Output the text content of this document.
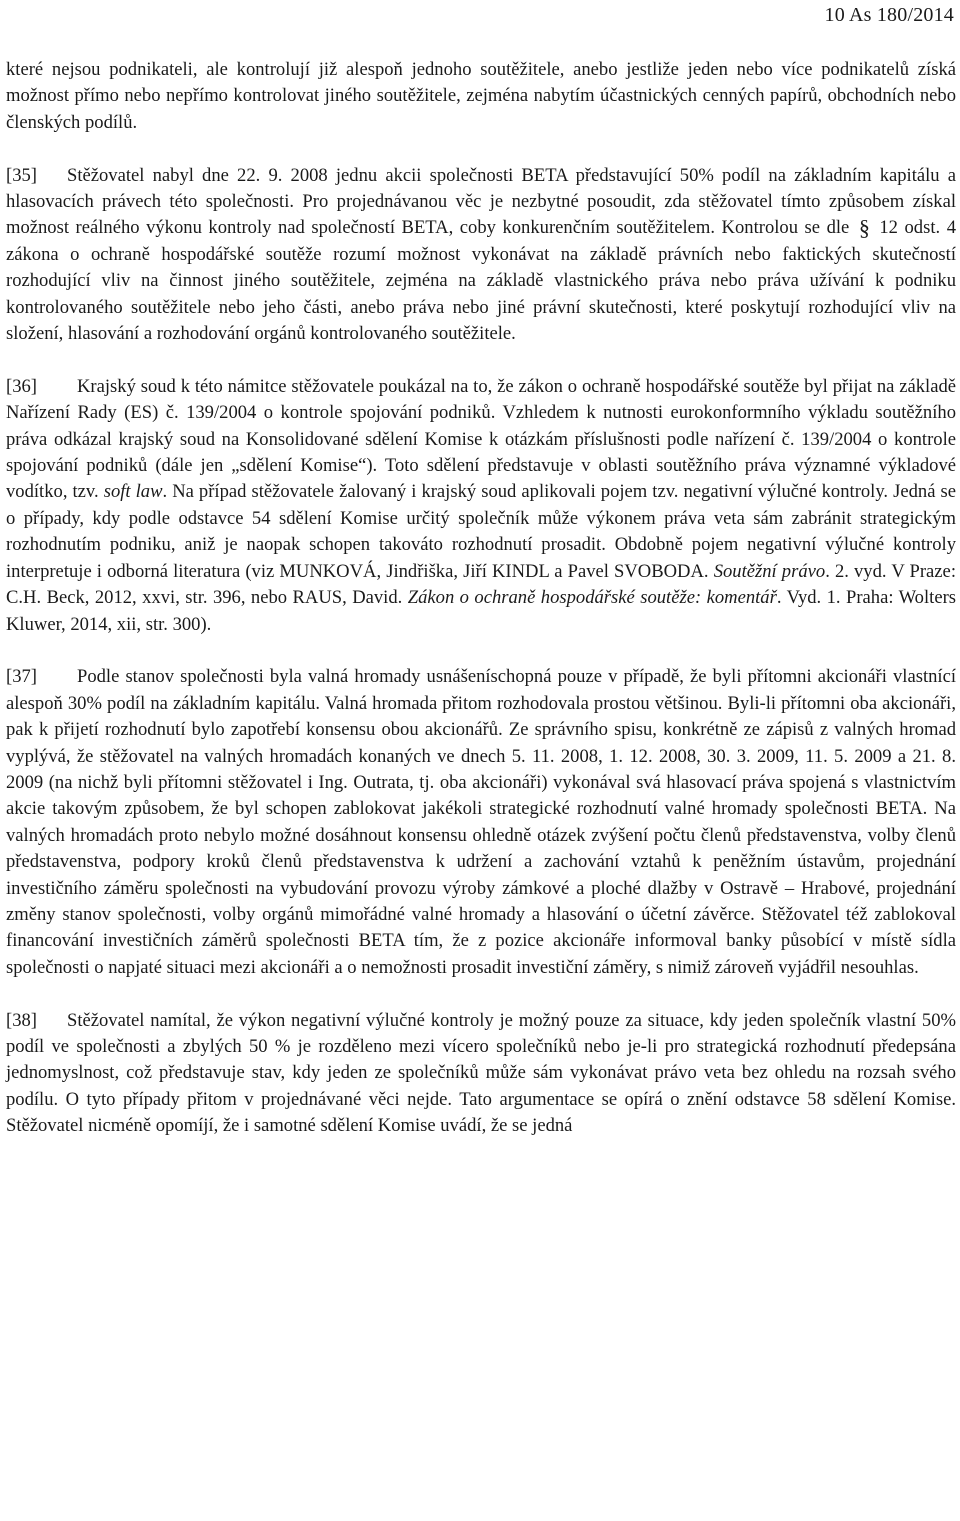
10 As 180/2014

které nejsou podnikateli, ale kontrolují již alespoň jednoho soutěžitele, anebo jestliže jeden nebo více podnikatelů získá možnost přímo nebo nepřímo kontrolovat jiného soutěžitele, zejména nabytím účastnických cenných papírů, obchodních nebo členských podílů.

[35] Stěžovatel nabyl dne 22. 9. 2008 jednu akcii společnosti BETA představující 50% podíl na základním kapitálu a hlasovacích právech této společnosti. Pro projednávanou věc je nezbytné posoudit, zda stěžovatel tímto způsobem získal možnost reálného výkonu kontroly nad společností BETA, coby konkurenčním soutěžitelem. Kontrolou se dle § 12 odst. 4 zákona o ochraně hospodářské soutěže rozumí možnost vykonávat na základě právních nebo faktických skutečností rozhodující vliv na činnost jiného soutěžitele, zejména na základě vlastnického práva nebo práva užívání k podniku kontrolovaného soutěžitele nebo jeho části, anebo práva nebo jiné právní skutečnosti, které poskytují rozhodující vliv na složení, hlasování a rozhodování orgánů kontrolovaného soutěžitele.

[36] Krajský soud k této námitce stěžovatele poukázal na to, že zákon o ochraně hospodářské soutěže byl přijat na základě Nařízení Rady (ES) č. 139/2004 o kontrole spojování podniků. Vzhledem k nutnosti eurokonformního výkladu soutěžního práva odkázal krajský soud na Konsolidované sdělení Komise k otázkám příslušnosti podle nařízení č. 139/2004 o kontrole spojování podniků (dále jen „sdělení Komise“). Toto sdělení představuje v oblasti soutěžního práva významné výkladové vodítko, tzv. soft law. Na případ stěžovatele žalovaný i krajský soud aplikovali pojem tzv. negativní výlučné kontroly. Jedná se o případy, kdy podle odstavce 54 sdělení Komise určitý společník může výkonem práva veta sám zabránit strategickým rozhodnutím podniku, aniž je naopak schopen takováto rozhodnutí prosadit. Obdobně pojem negativní výlučné kontroly interpretuje i odborná literatura (viz MUNKOVÁ, Jindřiška, Jiří KINDL a Pavel SVOBODA. Soutěžní právo. 2. vyd. V Praze: C.H. Beck, 2012, xxvi, str. 396, nebo RAUS, David. Zákon o ochraně hospodářské soutěže: komentář. Vyd. 1. Praha: Wolters Kluwer, 2014, xii, str. 300).

[37] Podle stanov společnosti byla valná hromady usnášeníschopná pouze v případě, že byli přítomni akcionáři vlastnící alespoň 30% podíl na základním kapitálu. Valná hromada přitom rozhodovala prostou většinou. Byli-li přítomni oba akcionáři, pak k přijetí rozhodnutí bylo zapotřebí konsensu obou akcionářů. Ze správního spisu, konkrétně ze zápisů z valných hromad vyplývá, že stěžovatel na valných hromadách konaných ve dnech 5. 11. 2008, 1. 12. 2008, 30. 3. 2009, 11. 5. 2009 a 21. 8. 2009 (na nichž byli přítomni stěžovatel i Ing. Outrata, tj. oba akcionáři) vykonával svá hlasovací práva spojená s vlastnictvím akcie takovým způsobem, že byl schopen zablokovat jakékoli strategické rozhodnutí valné hromady společnosti BETA. Na valných hromadách proto nebylo možné dosáhnout konsensu ohledně otázek zvýšení počtu členů představenstva, volby členů představenstva, podpory kroků členů představenstva k udržení a zachování vztahů k peněžním ústavům, projednání investičního záměru společnosti na vybudování provozu výroby zámkové a ploché dlažby v Ostravě – Hrabové, projednání změny stanov společnosti, volby orgánů mimořádné valné hromady a hlasování o účetní závěrce. Stěžovatel též zablokoval financování investičních záměrů společnosti BETA tím, že z pozice akcionáře informoval banky působící v místě sídla společnosti o napjaté situaci mezi akcionáři a o nemožnosti prosadit investiční záměry, s nimiž zároveň vyjádřil nesouhlas.

[38] Stěžovatel namítal, že výkon negativní výlučné kontroly je možný pouze za situace, kdy jeden společník vlastní 50% podíl ve společnosti a zbylých 50 % je rozděleno mezi vícero společníků nebo je-li pro strategická rozhodnutí předepsána jednomyslnost, což představuje stav, kdy jeden ze společníků může sám vykonávat právo veta bez ohledu na rozsah svého podílu. O tyto případy přitom v projednávané věci nejde. Tato argumentace se opírá o znění odstavce 58 sdělení Komise. Stěžovatel nicméně opomíjí, že i samotné sdělení Komise uvádí, že se jedná
